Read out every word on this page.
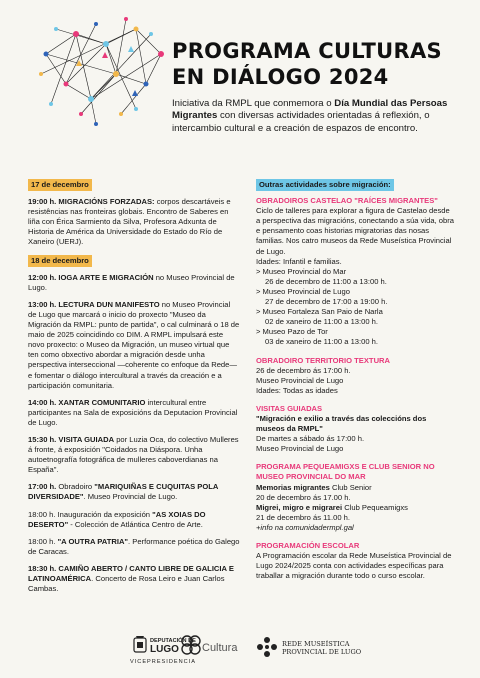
PROGRAMA CULTURAS
EN DIÁLOGO 2024

Iniciativa da RMPL que conmemora o Día Mundial das Persoas Migrantes con diversas actividades orientadas á reflexión, o intercambio cultural e a creación de espazos de encontro.

17 de decembro

19:00 h. MIGRACIÓNS FORZADAS: corpos descartáveis e resistências nas fronteiras globais. Encontro de Saberes en liña con Érica Sarmiento da Silva, Profesora Adxunta de Historia de América da Universidade do Estado do Río de Xaneiro (UERJ).

18 de decembro

12:00 h. IOGA ARTE E MIGRACIÓN no Museo Provincial de Lugo.

13:00 h. LECTURA DUN MANIFESTO no Museo Provincial de Lugo que marcará o inicio do proxecto "Museo da Migración da RMPL: punto de partida", o cal culminará o 18 de maio de 2025 coincidindo co DIM. A RMPL impulsará este novo proxecto: o Museo da Migración, un museo virtual que ten como obxectivo abordar a migración desde unha perspectiva interseccional —coherente co enfoque da Rede— e fomentar o diálogo intercultural a través da creación e a participación comunitaria.

14:00 h. XANTAR COMUNITARIO intercultural entre participantes na Sala de exposicións da Deputacion Provincial de Lugo.

15:30 h. VISITA GUIADA por Luzia Oca, do colectivo Mulleres á fronte, á exposición "Coidados na Diáspora. Unha autoetnografía fotográfica de mulleres caboverdianas na España".

17:00 h. Obradoiro "MARIQUIÑAS E CUQUITAS POLA DIVERSIDADE". Museo Provincial de Lugo.

18:00 h. Inauguración da exposición "AS XOIAS DO DESERTO" - Colección de Atlántica Centro de Arte.

18:00 h. "A OUTRA PATRIA". Performance poética do Galego de Caracas.

18:30 h. CAMIÑO ABERTO / CANTO LIBRE DE GALICIA E LATINOAMÉRICA. Concerto de Rosa Leiro e Juan Carlos Cambas.

Outras actividades sobre migración:

OBRADOIROS CASTELAO "RAÍCES MIGRANTES"

Ciclo de talleres para explorar a figura de Castelao desde a perspectiva das migracións, conectando a súa vida, obra e pensamento coas historias migratorias das nosas familias. Nos catro museos da Rede Museística Provincial de Lugo.

Idades: Infantil e familias.

> Museo Provincial do Mar
26 de decembro de 11:00 a 13:00 h.

> Museo Provincial de Lugo
27 de decembro de 17:00 a 19:00 h.

> Museo Fortaleza San Paio de Narla
02 de xaneiro de 11:00 a 13:00 h.

> Museo Pazo de Tor
03 de xaneiro de 11:00 a 13:00 h.

OBRADOIRO TERRITORIO TEXTURA

26 de decembro ás 17:00 h.
Museo Provincial de Lugo
Idades: Todas as idades

VISITAS GUIADAS

"Migración e exilio a través das coleccións dos museos da RMPL"
De martes a sábado ás 17:00 h.
Museo Provincial de Lugo

PROGRAMA PEQUEAMIGXS E CLUB SENIOR NO MUSEO PROVINCIAL DO MAR

Memorias migrantes Club Senior
20 de decembro ás 17.00 h.
Migrei, migro e migrarei Club Pequeamigxs
21 de decembro ás 11.00 h.
+info na comunidadermpl.gal

PROGRAMACIÓN ESCOLAR

A Programación escolar da Rede Museística Provincial de Lugo 2024/2025 conta con actividades específicas para traballar a migración durante todo o curso escolar.

DEPUTACIÓN DE
LUGO
VICEPRESIDENCIA
Cultura	REDE MUSEÍSTICA
PROVINCIAL DE LUGO
